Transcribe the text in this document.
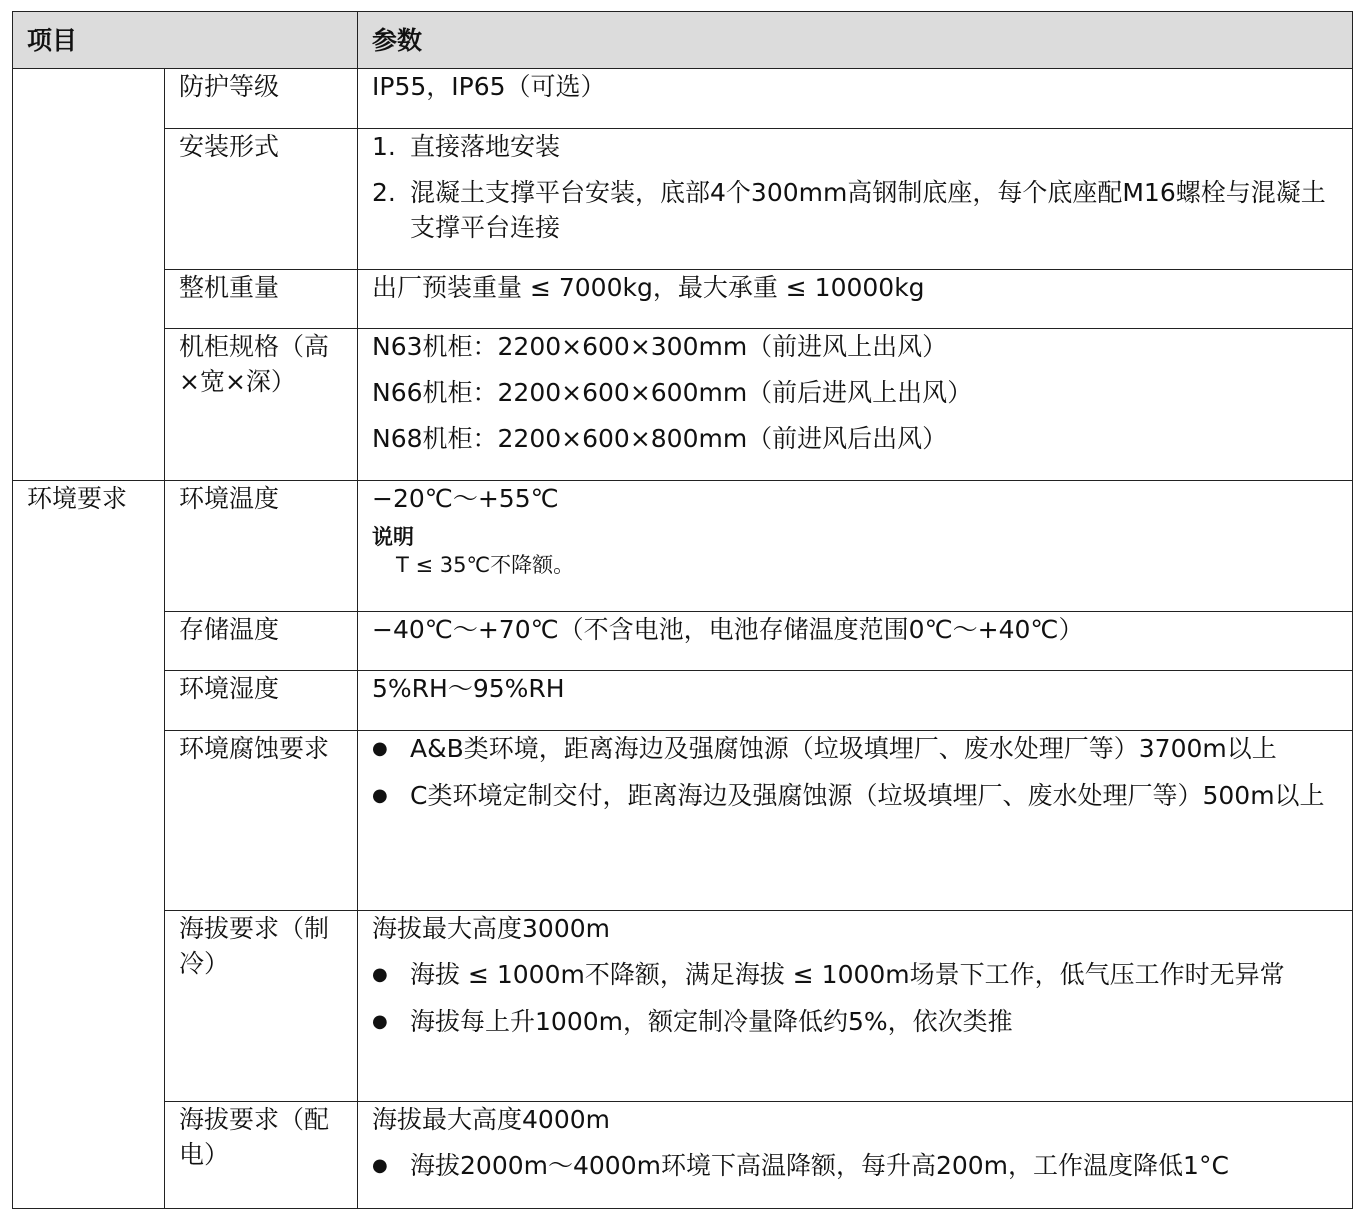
项目		参数
	防护等级	IP55，IP65（可选）
	安装形式	1. 直接落地安装
2. 混凝土支撑平台安装，底部4个300mm高钢制底座，每个底座配M16螺栓与混凝土支撑平台连接

	整机重量	出厂预装重量 ≤ 7000kg，最大承重 ≤ 10000kg
	机柜规格（高×宽×深）	N63机柜：2200×600×300mm（前进风上出风）
N66机柜：2200×600×600mm（前后进风上出风）
N68机柜：2200×600×800mm（前进风后出风）

环境要求	环境温度	−20℃～+55℃
说明
T ≤ 35℃不降额。

	存储温度	−40℃～+70℃（不含电池，电池存储温度范围0℃～+40℃）
	环境湿度	5%RH～95%RH
	环境腐蚀要求	● A&B类环境，距离海边及强腐蚀源（垃圾填埋厂、废水处理厂等）3700m以上
● C类环境定制交付，距离海边及强腐蚀源（垃圾填埋厂、废水处理厂等）500m以上

	海拔要求（制冷）	海拔最大高度3000m
● 海拔 ≤ 1000m不降额，满足海拔 ≤ 1000m场景下工作，低气压工作时无异常
● 海拔每上升1000m，额定制冷量降低约5%，依次类推

	海拔要求（配电）	海拔最大高度4000m
● 海拔2000m～4000m环境下高温降额，每升高200m，工作温度降低1°C
